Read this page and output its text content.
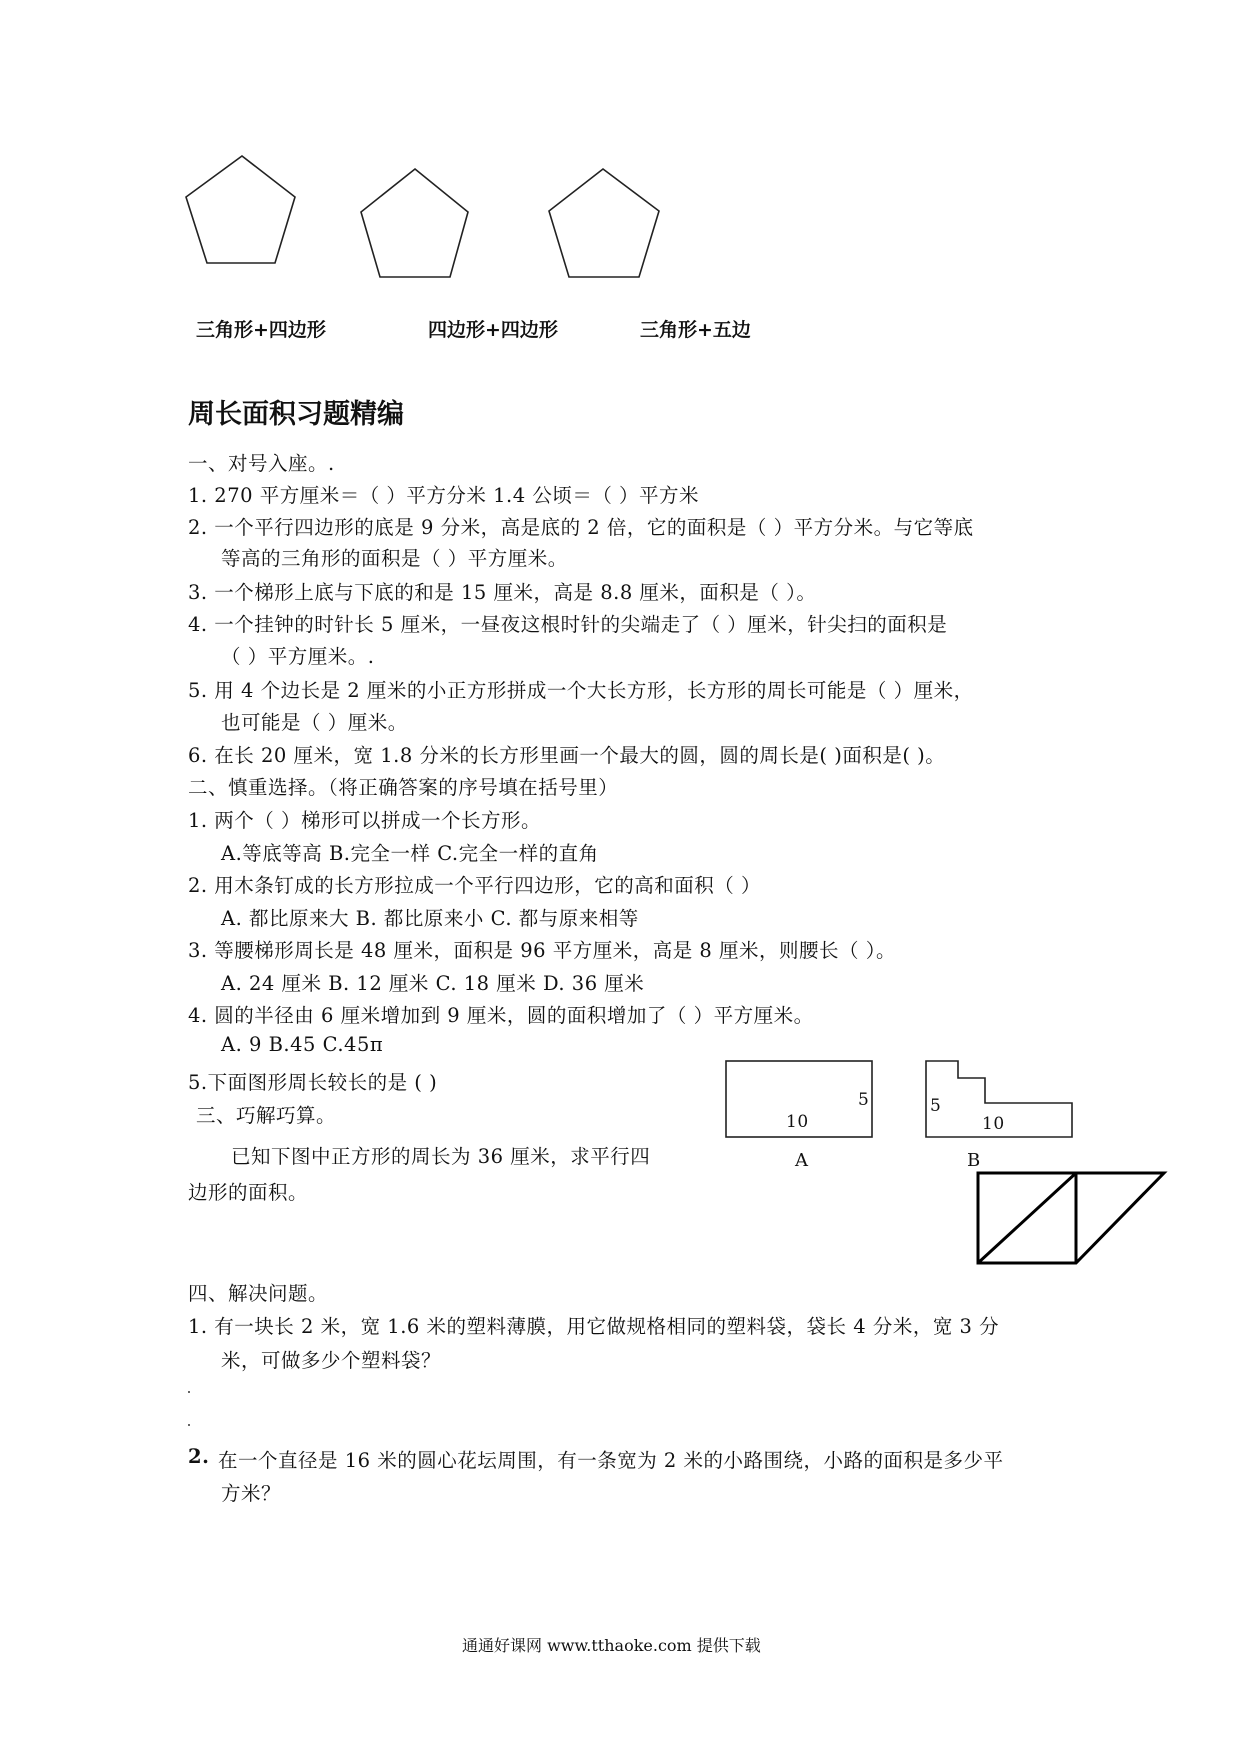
三角形+四边形	四边形+四边形	三角形+五边
周长面积习题精编
一、对号入座。.
1. 270 平方厘米＝（ ）平方分米 1.4 公顷＝（ ）平方米
2. 一个平行四边形的底是 9 分米，高是底的 2 倍，它的面积是（ ）平方分米。与它等底
等高的三角形的面积是（ ）平方厘米。
3. 一个梯形上底与下底的和是 15 厘米，高是 8.8 厘米，面积是（ ）。
4. 一个挂钟的时针长 5 厘米，一昼夜这根时针的尖端走了（ ）厘米，针尖扫的面积是
（ ）平方厘米。.
5. 用 4 个边长是 2 厘米的小正方形拼成一个大长方形，长方形的周长可能是（ ）厘米，
也可能是（ ）厘米。
6. 在长 20 厘米，宽 1.8 分米的长方形里画一个最大的圆，圆的周长是( )面积是( )。
二、慎重选择。（将正确答案的序号填在括号里）
1. 两个（ ）梯形可以拼成一个长方形。
A.等底等高 B.完全一样 C.完全一样的直角
2. 用木条钉成的长方形拉成一个平行四边形，它的高和面积（ ）
A. 都比原来大 B. 都比原来小 C. 都与原来相等
3. 等腰梯形周长是 48 厘米，面积是 96 平方厘米，高是 8 厘米，则腰长（ ）。
A. 24 厘米 B. 12 厘米 C. 18 厘米 D. 36 厘米
4. 圆的半径由 6 厘米增加到 9 厘米，圆的面积增加了（ ）平方厘米。
A. 9 B.45 C.45π
5.下面图形周长较长的是 ( )
10
5
A
5
10
B
三、巧解巧算。
已知下图中正方形的周长为 36 厘米，求平行四
边形的面积。
四、解决问题。
1. 有一块长 2 米，宽 1.6 米的塑料薄膜，用它做规格相同的塑料袋，袋长 4 分米，宽 3 分
米，可做多少个塑料袋？
2. 在一个直径是 16 米的圆心花坛周围，有一条宽为 2 米的小路围绕，小路的面积是多少平
方米？
通通好课网 www.tthaoke.com 提供下载
